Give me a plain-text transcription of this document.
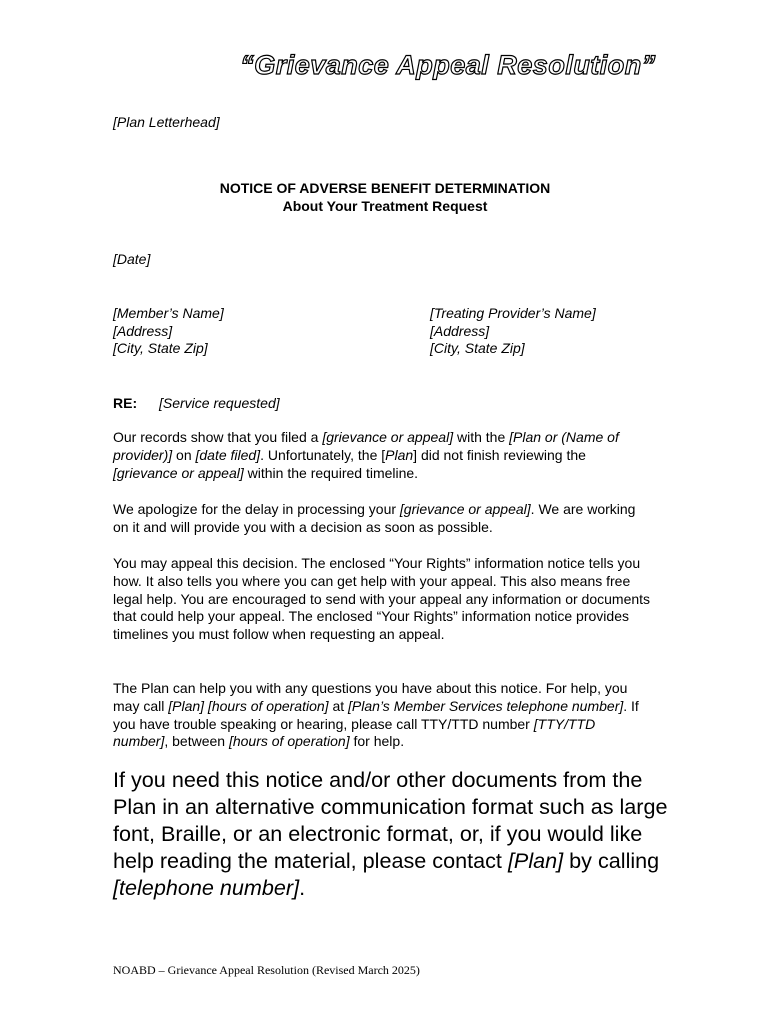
“Grievance Appeal Resolution”
[Plan Letterhead]
NOTICE OF ADVERSE BENEFIT DETERMINATION
About Your Treatment Request
[Date]
[Member’s Name]
[Address]
[City, State Zip]
[Treating Provider’s Name]
[Address]
[City, State Zip]
RE: [Service requested]
Our records show that you filed a [grievance or appeal] with the [Plan or (Name of provider)] on [date filed]. Unfortunately, the [Plan] did not finish reviewing the [grievance or appeal] within the required timeline.
We apologize for the delay in processing your [grievance or appeal]. We are working on it and will provide you with a decision as soon as possible.
You may appeal this decision. The enclosed “Your Rights” information notice tells you how. It also tells you where you can get help with your appeal. This also means free legal help. You are encouraged to send with your appeal any information or documents that could help your appeal. The enclosed “Your Rights” information notice provides timelines you must follow when requesting an appeal.
The Plan can help you with any questions you have about this notice. For help, you may call [Plan] [hours of operation] at [Plan’s Member Services telephone number]. If you have trouble speaking or hearing, please call TTY/TTD number [TTY/TTD number], between [hours of operation] for help.
If you need this notice and/or other documents from the Plan in an alternative communication format such as large font, Braille, or an electronic format, or, if you would like help reading the material, please contact [Plan] by calling [telephone number].
NOABD – Grievance Appeal Resolution (Revised March 2025)
